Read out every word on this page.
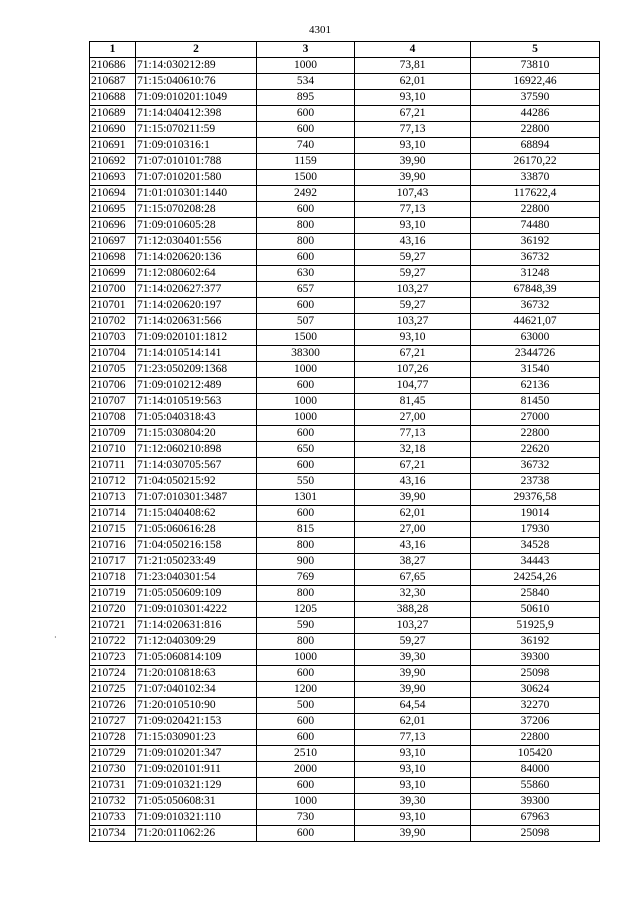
4301
1	2	3	4	5
210686	71:14:030212:89	1000	73,81	73810
210687	71:15:040610:76	534	62,01	16922,46
210688	71:09:010201:1049	895	93,10	37590
210689	71:14:040412:398	600	67,21	44286
210690	71:15:070211:59	600	77,13	22800
210691	71:09:010316:1	740	93,10	68894
210692	71:07:010101:788	1159	39,90	26170,22
210693	71:07:010201:580	1500	39,90	33870
210694	71:01:010301:1440	2492	107,43	117622,4
210695	71:15:070208:28	600	77,13	22800
210696	71:09:010605:28	800	93,10	74480
210697	71:12:030401:556	800	43,16	36192
210698	71:14:020620:136	600	59,27	36732
210699	71:12:080602:64	630	59,27	31248
210700	71:14:020627:377	657	103,27	67848,39
210701	71:14:020620:197	600	59,27	36732
210702	71:14:020631:566	507	103,27	44621,07
210703	71:09:020101:1812	1500	93,10	63000
210704	71:14:010514:141	38300	67,21	2344726
210705	71:23:050209:1368	1000	107,26	31540
210706	71:09:010212:489	600	104,77	62136
210707	71:14:010519:563	1000	81,45	81450
210708	71:05:040318:43	1000	27,00	27000
210709	71:15:030804:20	600	77,13	22800
210710	71:12:060210:898	650	32,18	22620
210711	71:14:030705:567	600	67,21	36732
210712	71:04:050215:92	550	43,16	23738
210713	71:07:010301:3487	1301	39,90	29376,58
210714	71:15:040408:62	600	62,01	19014
210715	71:05:060616:28	815	27,00	17930
210716	71:04:050216:158	800	43,16	34528
210717	71:21:050233:49	900	38,27	34443
210718	71:23:040301:54	769	67,65	24254,26
210719	71:05:050609:109	800	32,30	25840
210720	71:09:010301:4222	1205	388,28	50610
210721	71:14:020631:816	590	103,27	51925,9
210722	71:12:040309:29	800	59,27	36192
210723	71:05:060814:109	1000	39,30	39300
210724	71:20:010818:63	600	39,90	25098
210725	71:07:040102:34	1200	39,90	30624
210726	71:20:010510:90	500	64,54	32270
210727	71:09:020421:153	600	62,01	37206
210728	71:15:030901:23	600	77,13	22800
210729	71:09:010201:347	2510	93,10	105420
210730	71:09:020101:911	2000	93,10	84000
210731	71:09:010321:129	600	93,10	55860
210732	71:05:050608:31	1000	39,30	39300
210733	71:09:010321:110	730	93,10	67963
210734	71:20:011062:26	600	39,90	25098
·
